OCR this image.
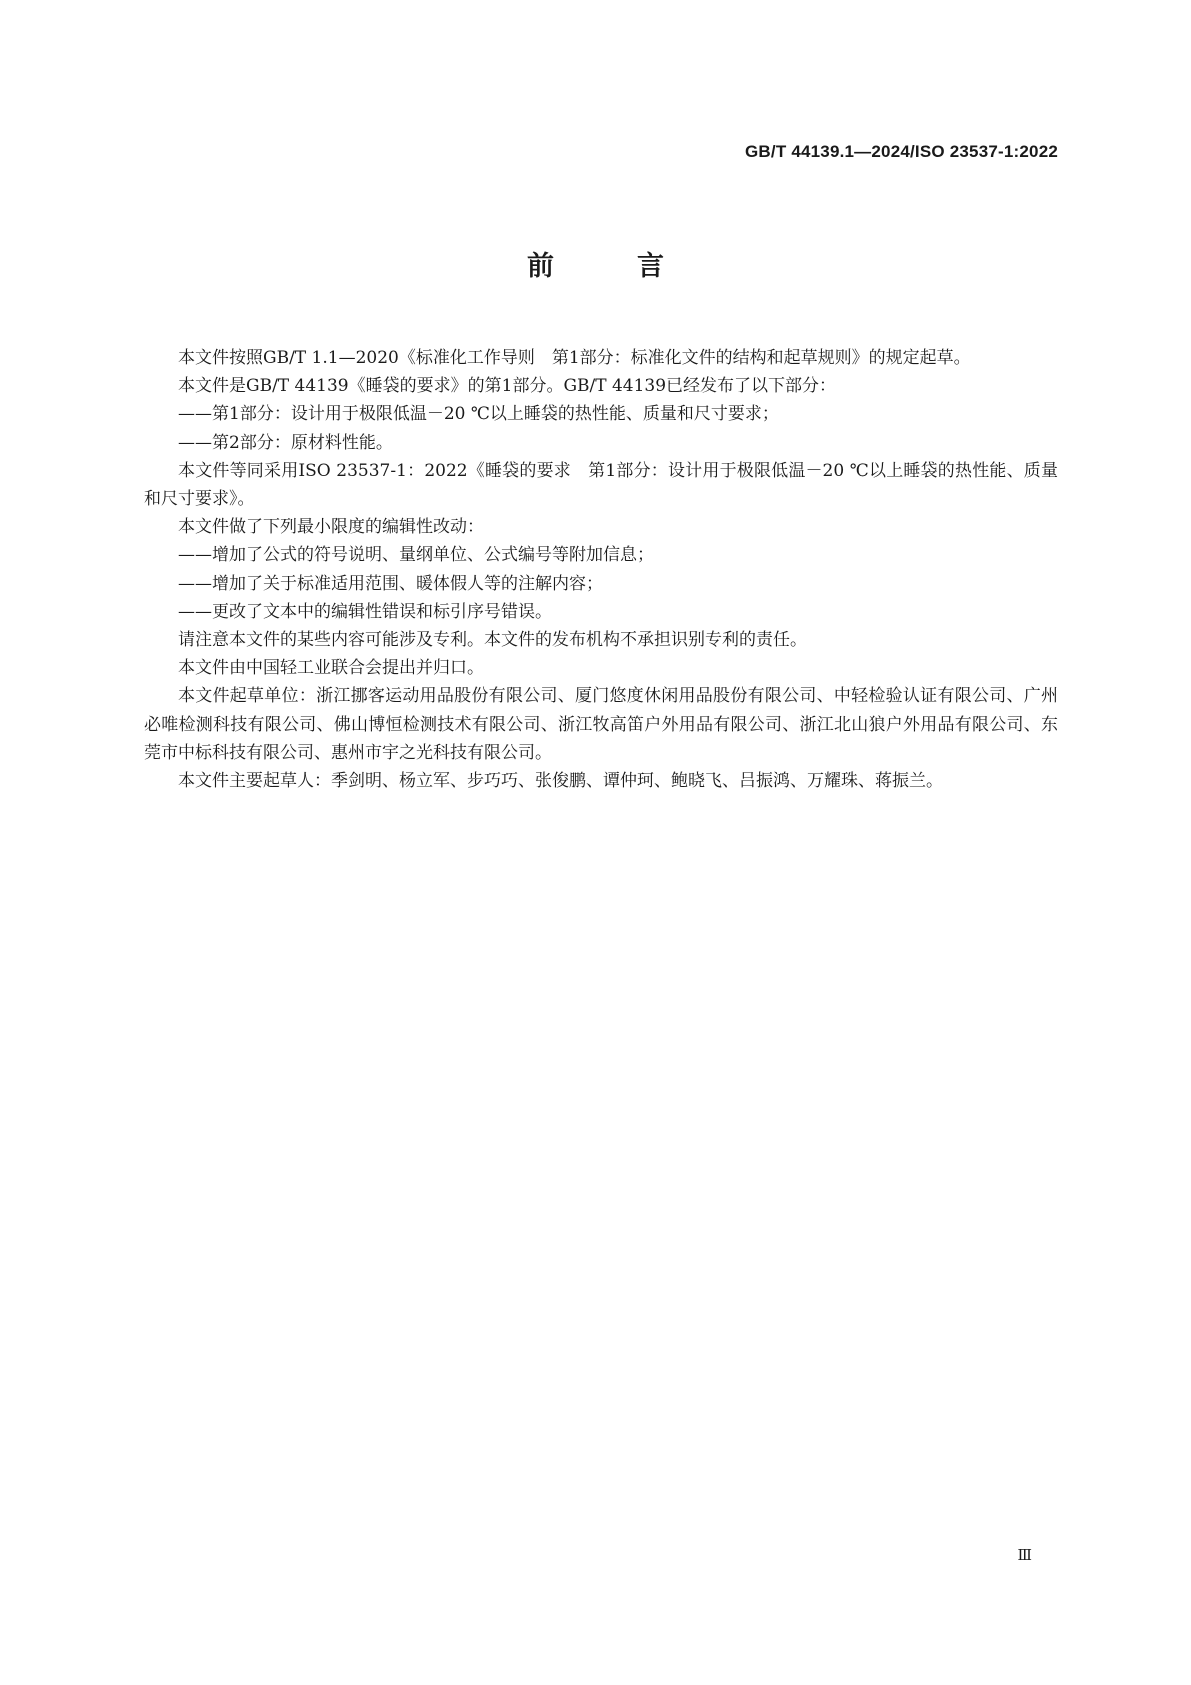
GB/T 44139.1—2024/ISO 23537-1:2022
前　言

本文件按照GB/T 1.1—2020《标准化工作导则　第1部分：标准化文件的结构和起草规则》的规定起草。

本文件是GB/T 44139《睡袋的要求》的第1部分。GB/T 44139已经发布了以下部分：

——第1部分：设计用于极限低温－20 ℃以上睡袋的热性能、质量和尺寸要求；

——第2部分：原材料性能。

本文件等同采用ISO 23537-1：2022《睡袋的要求　第1部分：设计用于极限低温－20 ℃以上睡袋的热性能、质量和尺寸要求》。

本文件做了下列最小限度的编辑性改动：

——增加了公式的符号说明、量纲单位、公式编号等附加信息；

——增加了关于标准适用范围、暖体假人等的注解内容；

——更改了文本中的编辑性错误和标引序号错误。

请注意本文件的某些内容可能涉及专利。本文件的发布机构不承担识别专利的责任。

本文件由中国轻工业联合会提出并归口。

本文件起草单位：浙江挪客运动用品股份有限公司、厦门悠度休闲用品股份有限公司、中轻检验认证有限公司、广州必唯检测科技有限公司、佛山博恒检测技术有限公司、浙江牧高笛户外用品有限公司、浙江北山狼户外用品有限公司、东莞市中标科技有限公司、惠州市宇之光科技有限公司。

本文件主要起草人：季剑明、杨立军、步巧巧、张俊鹏、谭仲珂、鲍晓飞、吕振鸿、万耀珠、蒋振兰。

Ⅲ
